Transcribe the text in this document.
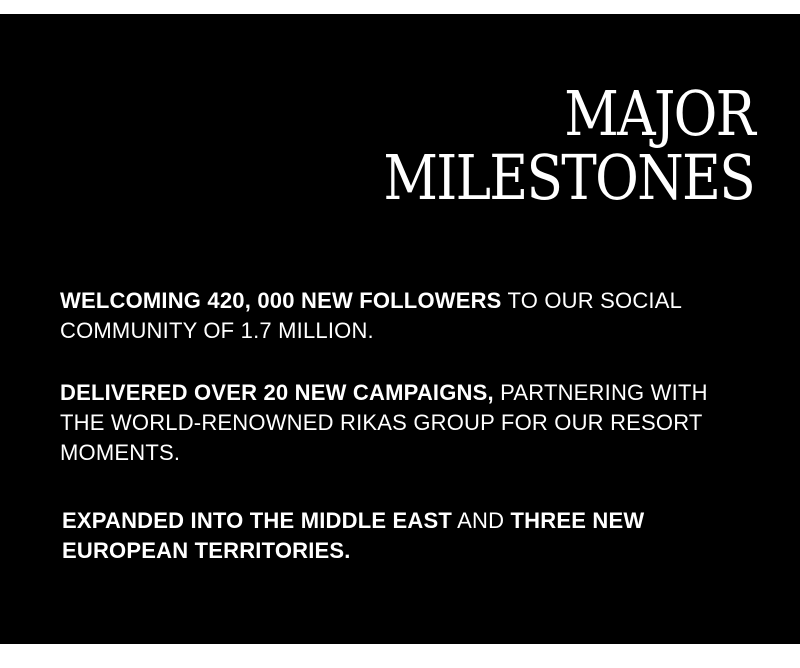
MAJOR
MILESTONES

WELCOMING 420, 000 NEW FOLLOWERS TO OUR SOCIAL COMMUNITY OF 1.7 MILLION.

DELIVERED OVER 20 NEW CAMPAIGNS, PARTNERING WITH THE WORLD-RENOWNED RIKAS GROUP FOR OUR RESORT MOMENTS.

EXPANDED INTO THE MIDDLE EAST AND THREE NEW EUROPEAN TERRITORIES.
